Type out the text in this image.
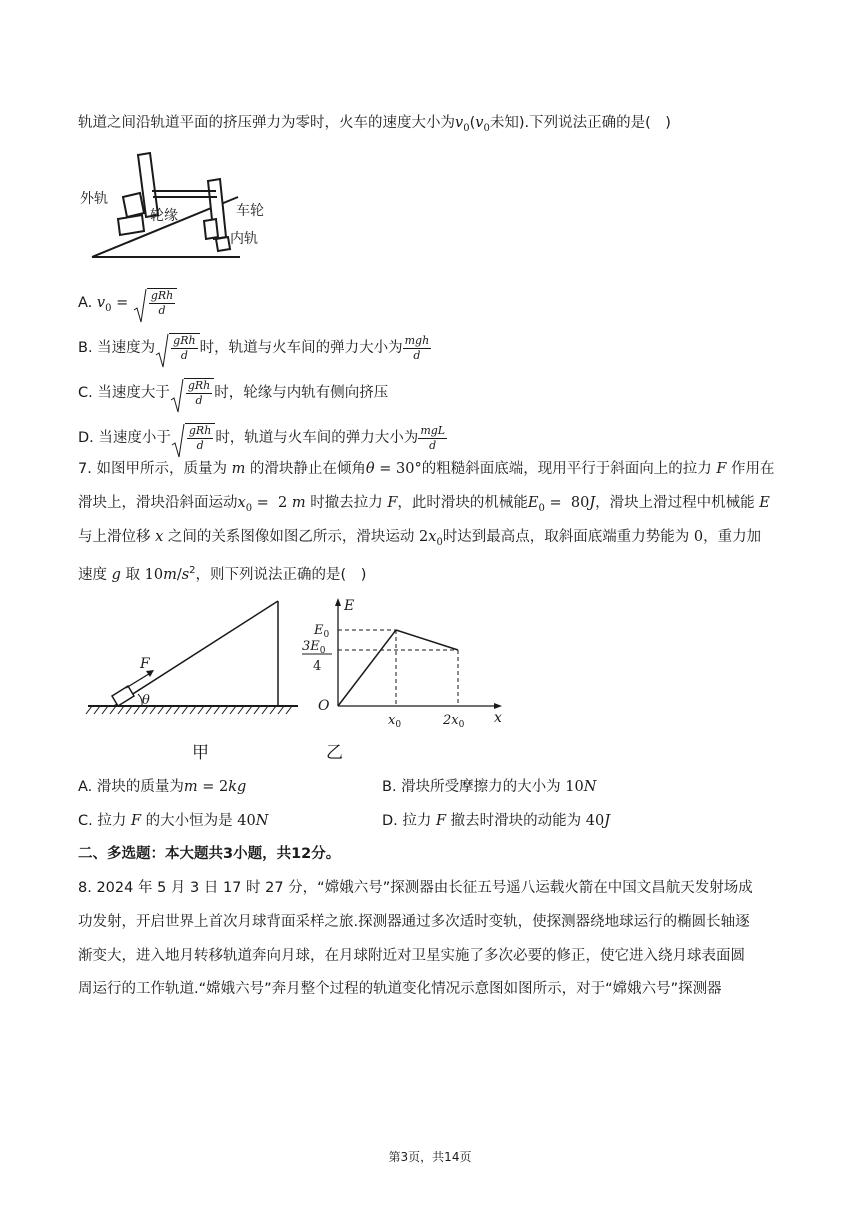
轨道之间沿轨道平面的挤压弹力为零时，火车的速度大小为$v_0(v_0$未知).下列说法正确的是(　)
外轨
轮缘	车轮
内轨
A. $v_0 = \frac{\text{gRh}}{d}$
B. 当速度为 $\frac{\text{gRh}}{d}$ 时，轨道与火车间的弹力大小为 $\frac{\text{mgh}}{d}$
C. 当速度大于 $\frac{\text{gRh}}{d}$ 时，轮缘与内轨有侧向挤压
D. 当速度小于 $\frac{\text{gRh}}{d}$ 时，轨道与火车间的弹力大小为 $\frac{\text{mgL}}{d}$
7. 如图甲所示，质量为 m 的滑块静止在倾角θ = 30°的粗糙斜面底端，现用平行于斜面向上的拉力 F 作用在
滑块上，滑块沿斜面运动$x_0 = 2$ m 时撤去拉力 F，此时滑块的机械能$E_0 = 80J$，滑块上滑过程中机械能 E
与上滑位移 x 之间的关系图像如图乙所示，滑块运动 $2x_0$时达到最高点，取斜面底端重力势能为 0，重力加
速度 g 取 $10m/s^2$，则下列说法正确的是(　)
F
θ
甲
E
x
O
$E_0$
$3E_0$
4
$x_0$	$2x_0$
乙
A. 滑块的质量为m = 2kg	B. 滑块所受摩擦力的大小为 10N
C. 拉力 F 的大小恒为是 40N	D. 拉力 F 撤去时滑块的动能为 40J
二、多选题：本大题共3小题，共12分。
8. 2024 年 5 月 3 日 17 时 27 分，“嫦娥六号”探测器由长征五号遥八运载火箭在中国文昌航天发射场成
功发射，开启世界上首次月球背面采样之旅.探测器通过多次适时变轨，使探测器绕地球运行的椭圆长轴逐
渐变大，进入地月转移轨道奔向月球，在月球附近对卫星实施了多次必要的修正，使它进入绕月球表面圆
周运行的工作轨道.“嫦娥六号”奔月整个过程的轨道变化情况示意图如图所示，对于“嫦娥六号”探测器
第3页，共14页
